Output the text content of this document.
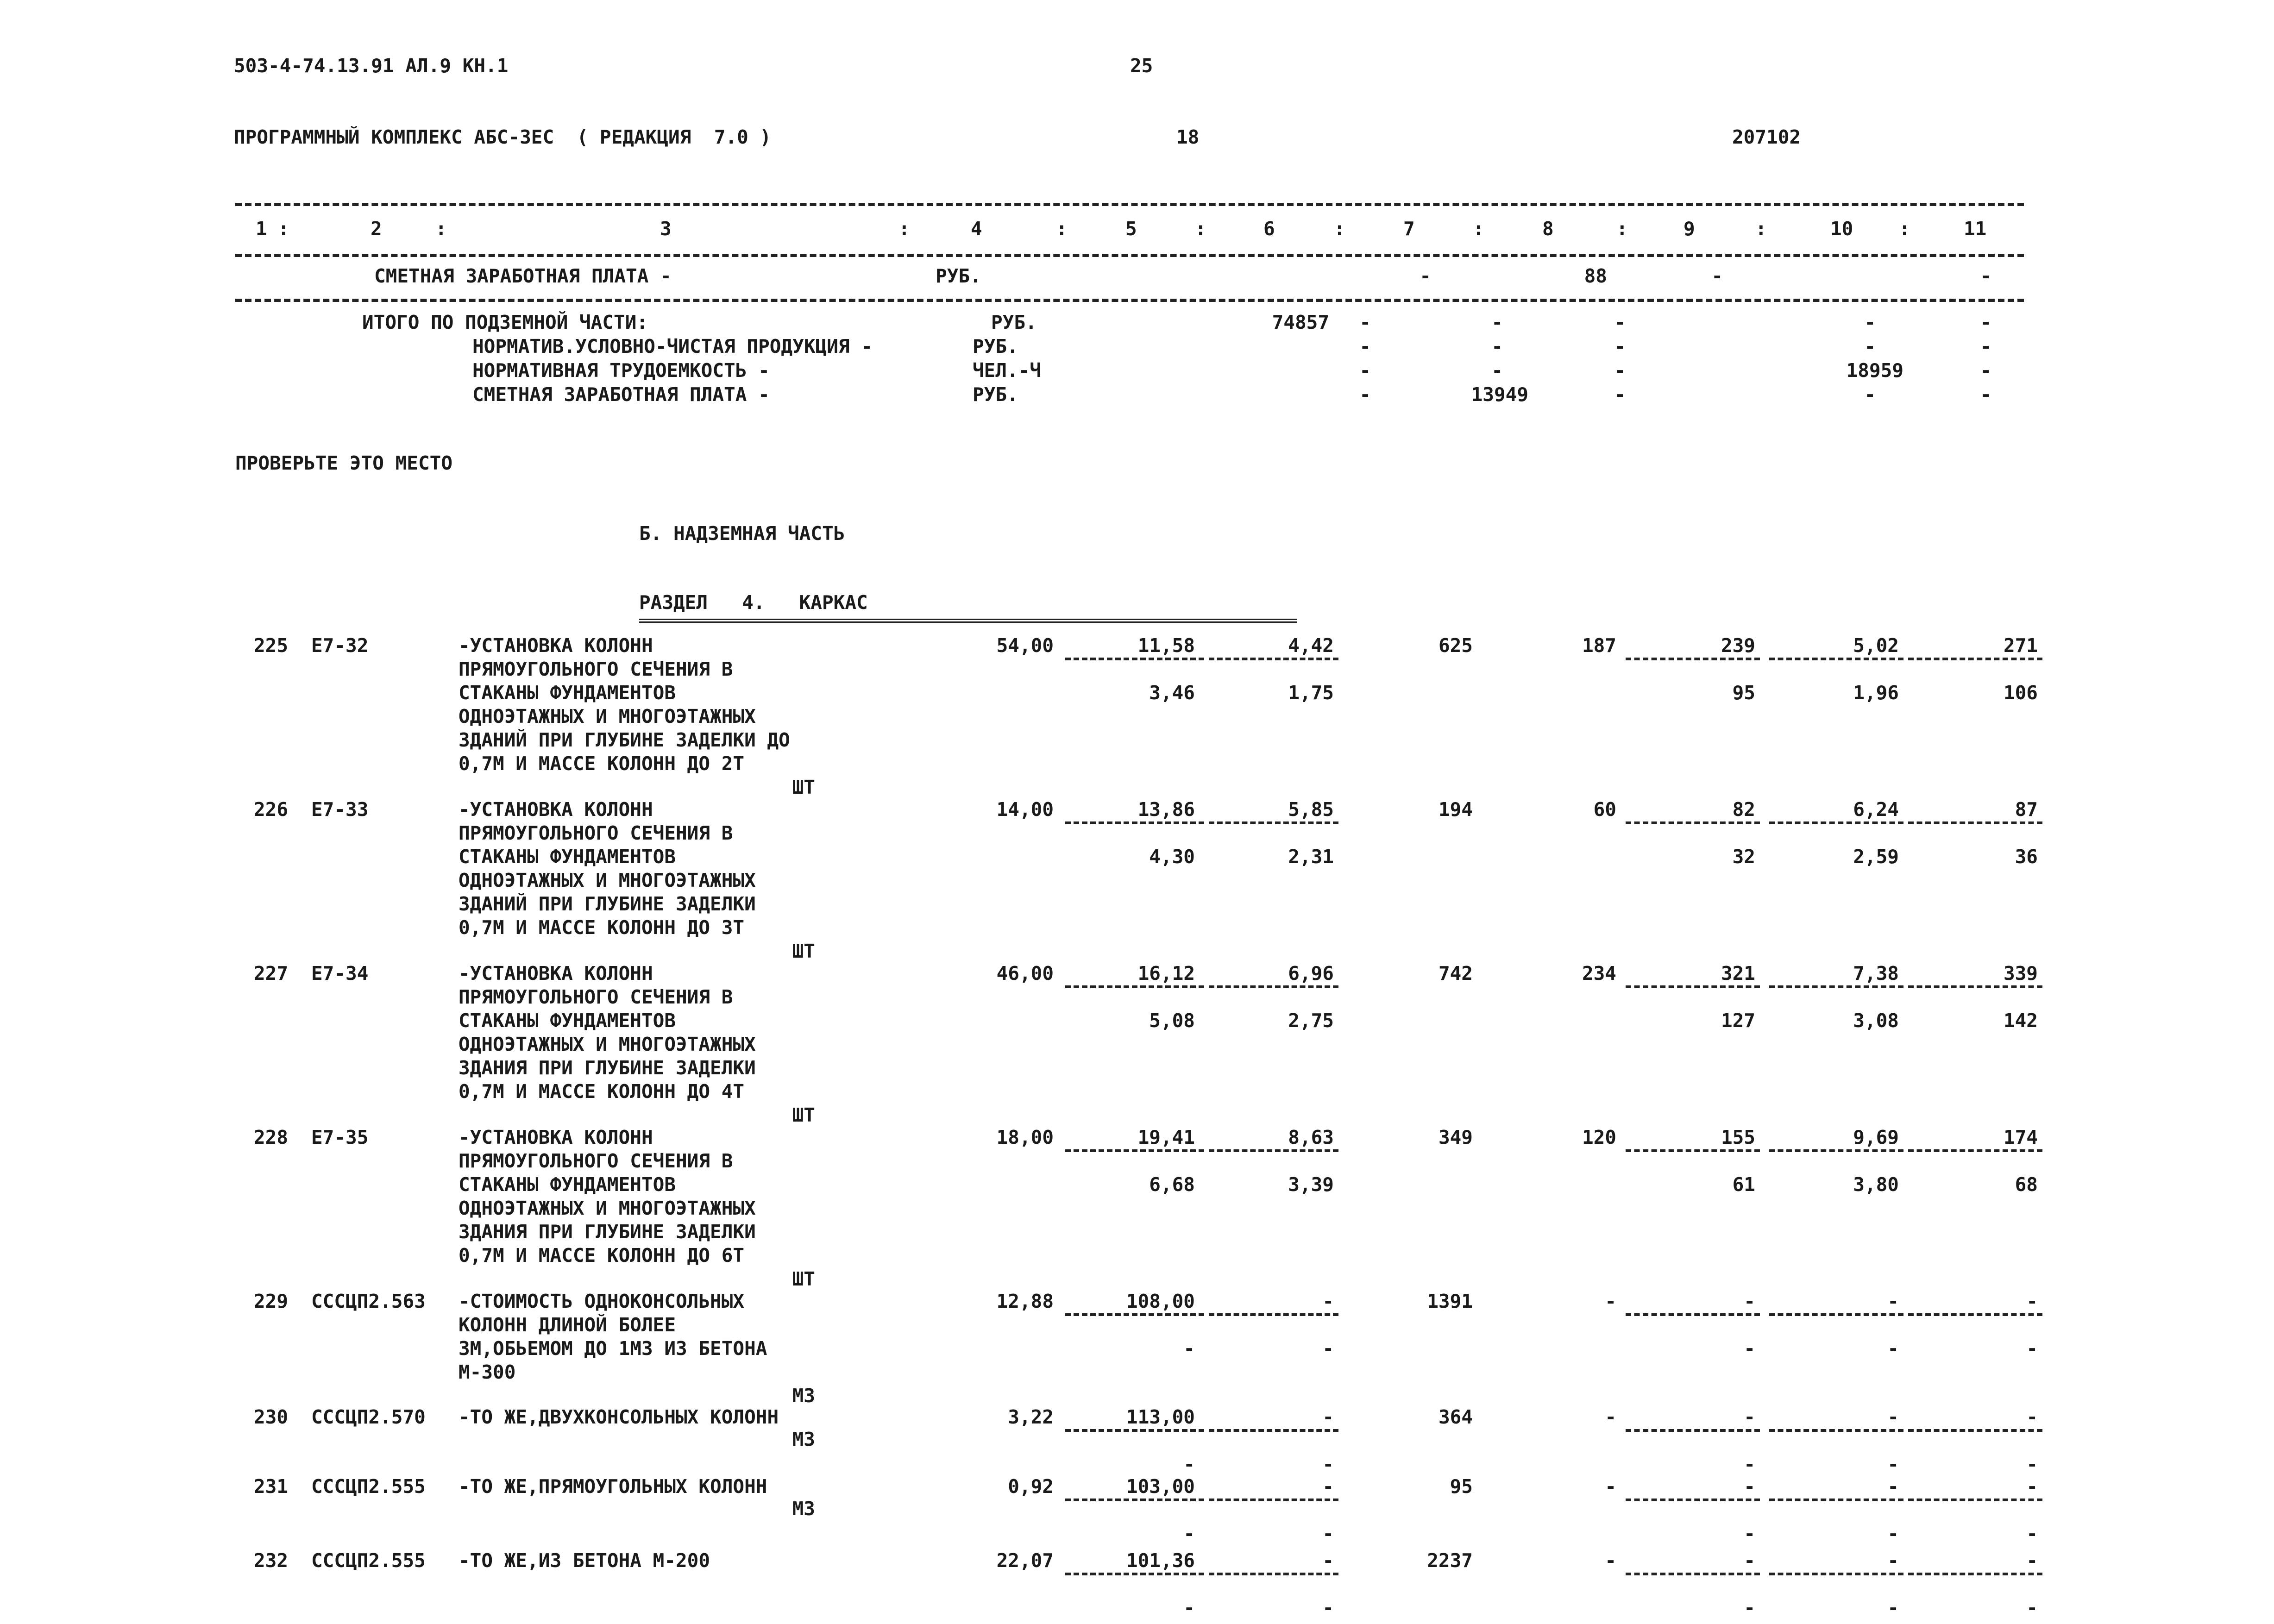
503-4-74.13.91 АЛ.9 КН.1	25
ПРОГРАММНЫЙ КОМПЛЕКС АБС-3ЕС  ( РЕДАКЦИЯ  7.0 )	18	207102
1	2	3	4	5	6	7	8	9	10	11
:	:	:	:	:	:	:	:	:	:
СМЕТНАЯ ЗАРАБОТНАЯ ПЛАТА -	РУБ.	-	88	-	-
ИТОГО ПО ПОДЗЕМНОЙ ЧАСТИ:	РУБ.	74857	-	-	-	-	-
НОРМАТИВ.УСЛОВНО-ЧИСТАЯ ПРОДУКЦИЯ -	РУБ.	-	-	-	-	-
НОРМАТИВНАЯ ТРУДОЕМКОСТЬ -	ЧЕЛ.-Ч	-	-	-	18959	-
СМЕТНАЯ ЗАРАБОТНАЯ ПЛАТА -	РУБ.	-	13949	-	-	-
ПРОВЕРЬТЕ ЭТО МЕСТО
Б. НАДЗЕМНАЯ ЧАСТЬ
РАЗДЕЛ   4.   КАРКАС
225 Е7-32	-УСТАНОВКА КОЛОНН
ПРЯМОУГОЛЬНОГО СЕЧЕНИЯ В
СТАКАНЫ ФУНДАМЕНТОВ
ОДНОЭТАЖНЫХ И МНОГОЭТАЖНЫХ
ЗДАНИЙ ПРИ ГЛУБИНЕ ЗАДЕЛКИ ДО
0,7М И МАССЕ КОЛОНН ДО 2Т
ШТ
54,00	11,58	4,42	625	187	239	5,02	271
3,46	1,75	95	1,96	106
226 Е7-33	-УСТАНОВКА КОЛОНН
ПРЯМОУГОЛЬНОГО СЕЧЕНИЯ В
СТАКАНЫ ФУНДАМЕНТОВ
ОДНОЭТАЖНЫХ И МНОГОЭТАЖНЫХ
ЗДАНИЙ ПРИ ГЛУБИНЕ ЗАДЕЛКИ
0,7М И МАССЕ КОЛОНН ДО 3Т
ШТ
14,00	13,86	5,85	194	60	82	6,24	87
4,30	2,31	32	2,59	36
227 Е7-34	-УСТАНОВКА КОЛОНН
ПРЯМОУГОЛЬНОГО СЕЧЕНИЯ В
СТАКАНЫ ФУНДАМЕНТОВ
ОДНОЭТАЖНЫХ И МНОГОЭТАЖНЫХ
ЗДАНИЯ ПРИ ГЛУБИНЕ ЗАДЕЛКИ
0,7М И МАССЕ КОЛОНН ДО 4Т
ШТ
46,00	16,12	6,96	742	234	321	7,38	339
5,08	2,75	127	3,08	142
228 Е7-35	-УСТАНОВКА КОЛОНН
ПРЯМОУГОЛЬНОГО СЕЧЕНИЯ В
СТАКАНЫ ФУНДАМЕНТОВ
ОДНОЭТАЖНЫХ И МНОГОЭТАЖНЫХ
ЗДАНИЯ ПРИ ГЛУБИНЕ ЗАДЕЛКИ
0,7М И МАССЕ КОЛОНН ДО 6Т
ШТ
18,00	19,41	8,63	349	120	155	9,69	174
6,68	3,39	61	3,80	68
229 СССЦП2.563 -СТОИМОСТЬ ОДНОКОНСОЛЬНЫХ
КОЛОНН ДЛИНОЙ БОЛЕЕ
3М,ОБЬЕМОМ ДО 1М3 ИЗ БЕТОНА
М-300
М3
12,88	108,00	-	1391	-	-	-	-
-	-	-	-	-
230 СССЦП2.570 -ТО ЖЕ,ДВУХКОНСОЛЬНЫХ КОЛОНН
М3
3,22	113,00	-	364	-	-	-	-
-	-	-	-	-
231 СССЦП2.555 -ТО ЖЕ,ПРЯМОУГОЛЬНЫХ КОЛОНН
М3
0,92	103,00	-	95	-	-	-	-
-	-	-	-	-
232 СССЦП2.555 -ТО ЖЕ,ИЗ БЕТОНА М-200	22,07	101,36	-	2237	-	-	-	-
-	-	-	-	-
